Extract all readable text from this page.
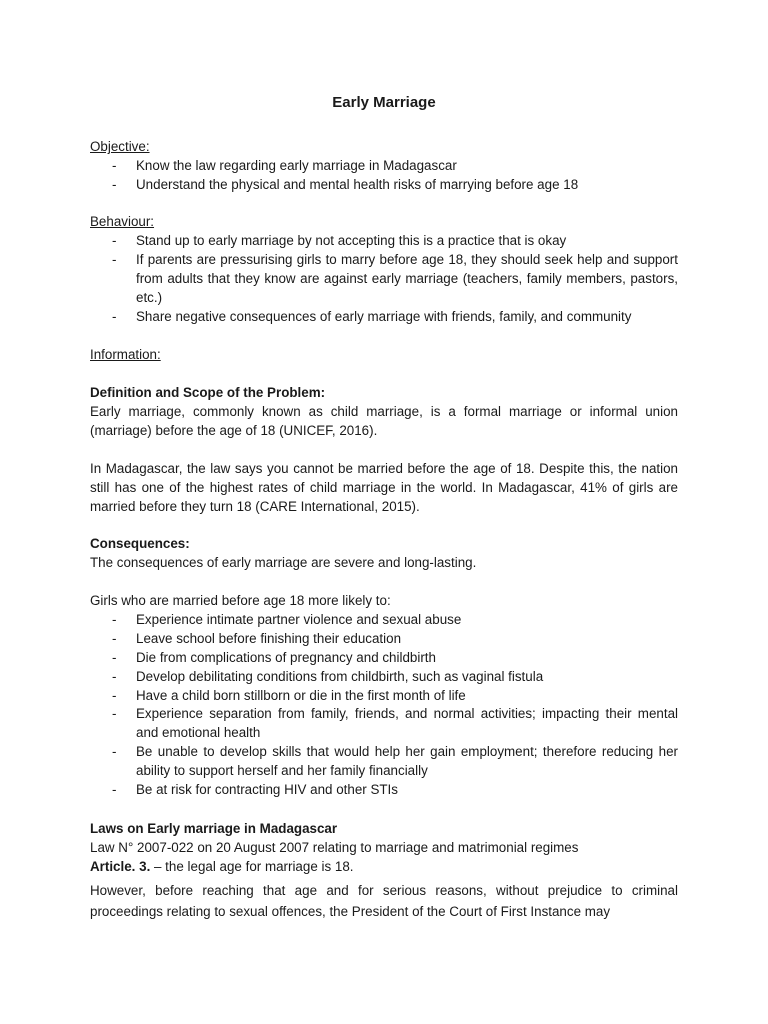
Early Marriage

Objective:

- Know the law regarding early marriage in Madagascar
- Understand the physical and mental health risks of marrying before age 18

Behaviour:

- Stand up to early marriage by not accepting this is a practice that is okay
- If parents are pressurising girls to marry before age 18, they should seek help and support from adults that they know are against early marriage (teachers, family members, pastors, etc.)
- Share negative consequences of early marriage with friends, family, and community

Information:

Definition and Scope of the Problem:

Early marriage, commonly known as child marriage, is a formal marriage or informal union (marriage) before the age of 18 (UNICEF, 2016).

In Madagascar, the law says you cannot be married before the age of 18. Despite this, the nation still has one of the highest rates of child marriage in the world. In Madagascar, 41% of girls are married before they turn 18 (CARE International, 2015).

Consequences:

The consequences of early marriage are severe and long-lasting.

Girls who are married before age 18 more likely to:

- Experience intimate partner violence and sexual abuse
- Leave school before finishing their education
- Die from complications of pregnancy and childbirth
- Develop debilitating conditions from childbirth, such as vaginal fistula
- Have a child born stillborn or die in the first month of life
- Experience separation from family, friends, and normal activities; impacting their mental and emotional health
- Be unable to develop skills that would help her gain employment; therefore reducing her ability to support herself and her family financially
- Be at risk for contracting HIV and other STIs

Laws on Early marriage in Madagascar

Law N° 2007-022 on 20 August 2007 relating to marriage and matrimonial regimes

Article. 3. – the legal age for marriage is 18.

However, before reaching that age and for serious reasons, without prejudice to criminal proceedings relating to sexual offences, the President of the Court of First Instance may
